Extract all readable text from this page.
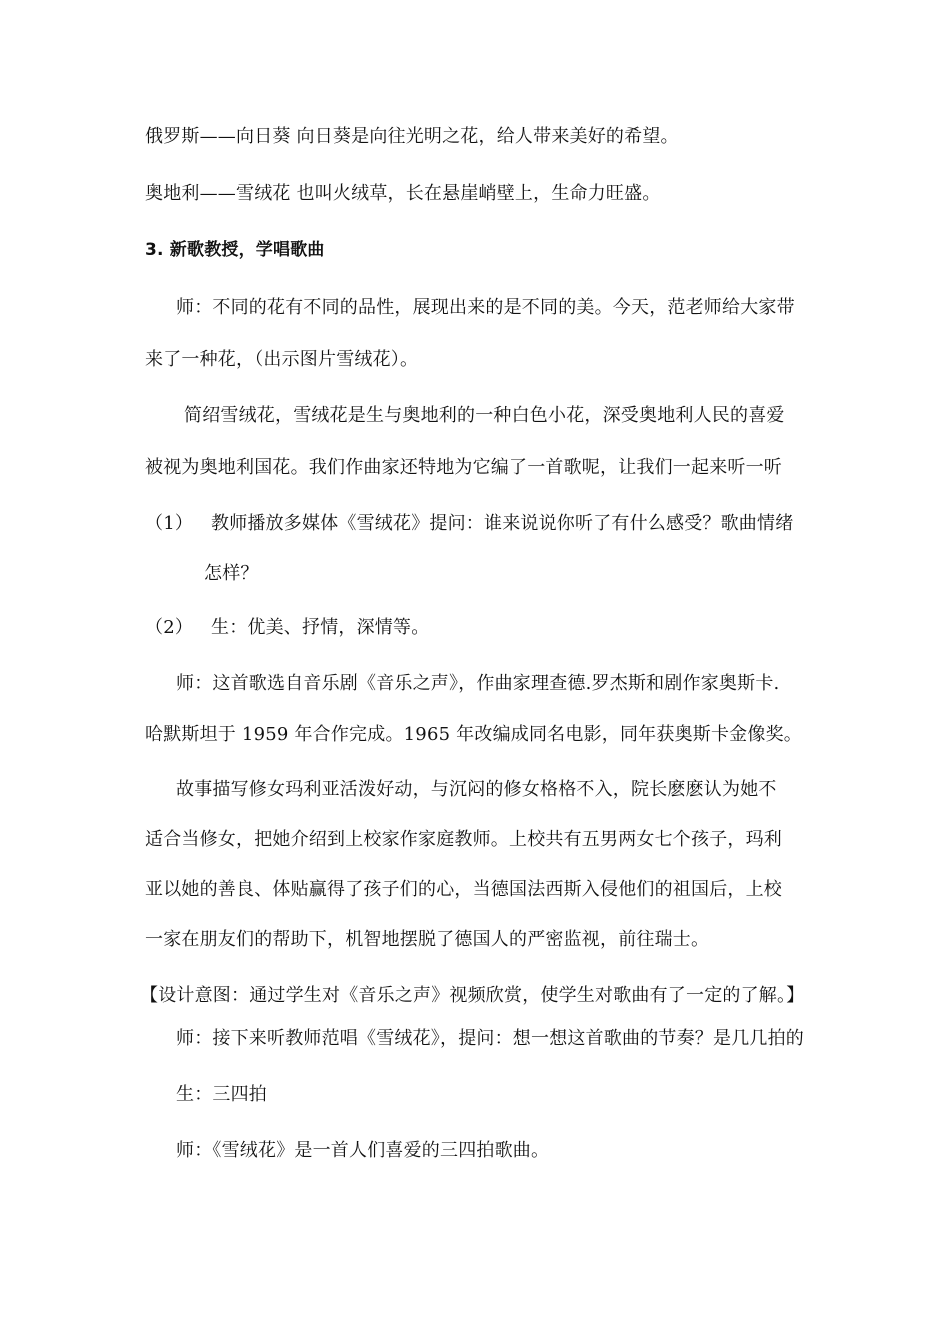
俄罗斯——向日葵 向日葵是向往光明之花，给人带来美好的希望。
奥地利——雪绒花 也叫火绒草，长在悬崖峭壁上，生命力旺盛。
3. 新歌教授，学唱歌曲
师：不同的花有不同的品性，展现出来的是不同的美。今天，范老师给大家带
来了一种花，（出示图片雪绒花）。
简绍雪绒花，雪绒花是生与奥地利的一种白色小花，深受奥地利人民的喜爱
被视为奥地利国花。我们作曲家还特地为它编了一首歌呢，让我们一起来听一听
（1） 教师播放多媒体《雪绒花》提问：谁来说说你听了有什么感受？歌曲情绪
怎样？
（2） 生：优美、抒情，深情等。
师：这首歌选自音乐剧《音乐之声》，作曲家理查德.罗杰斯和剧作家奥斯卡.
哈默斯坦于 1959 年合作完成。1965 年改编成同名电影，同年获奥斯卡金像奖。
故事描写修女玛利亚活泼好动，与沉闷的修女格格不入，院长麽麽认为她不
适合当修女，把她介绍到上校家作家庭教师。上校共有五男两女七个孩子，玛利
亚以她的善良、体贴赢得了孩子们的心，当德国法西斯入侵他们的祖国后，上校
一家在朋友们的帮助下，机智地摆脱了德国人的严密监视，前往瑞士。
【设计意图：通过学生对《音乐之声》视频欣赏，使学生对歌曲有了一定的了解。】
师：接下来听教师范唱《雪绒花》，提问：想一想这首歌曲的节奏？是几几拍的
生：三四拍
师：《雪绒花》是一首人们喜爱的三四拍歌曲。
